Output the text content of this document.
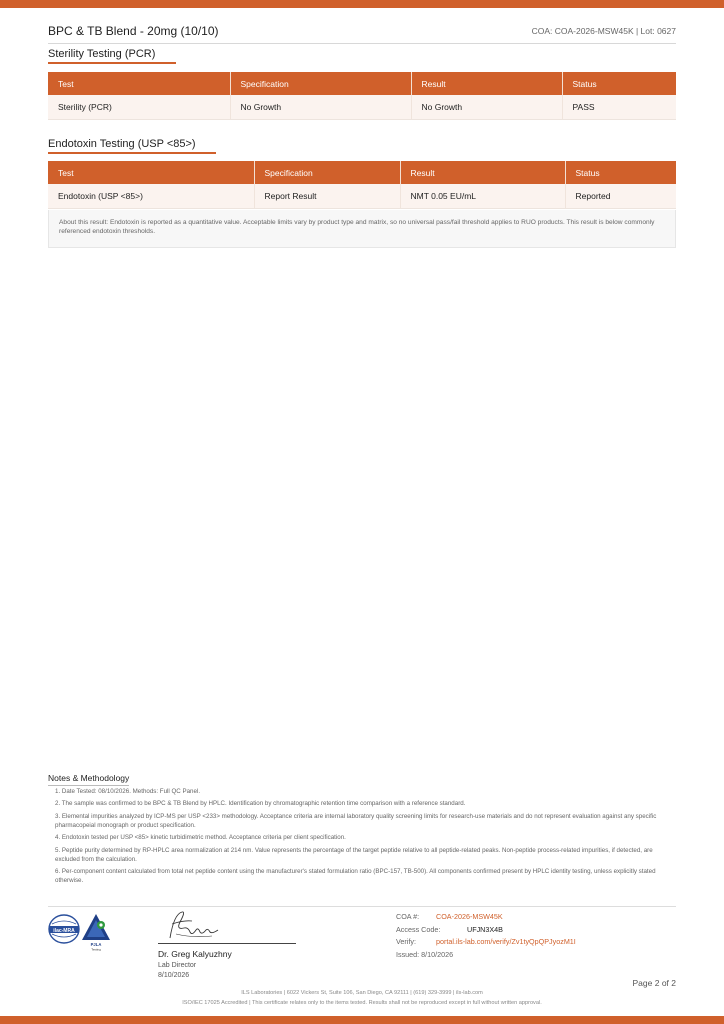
BPC & TB Blend - 20mg (10/10)	COA: COA-2026-MSW45K | Lot: 0627
Sterility Testing (PCR)
Test	Specification	Result	Status
Sterility (PCR)	No Growth	No Growth	PASS
Endotoxin Testing (USP <85>)
Test	Specification	Result	Status
Endotoxin (USP <85>)	Report Result	NMT 0.05 EU/mL	Reported
About this result: Endotoxin is reported as a quantitative value. Acceptable limits vary by product type and matrix, so no universal pass/fail threshold applies to RUO products. This result is below commonly referenced endotoxin thresholds.
Notes & Methodology
1. Date Tested: 08/10/2026. Methods: Full QC Panel.
2. The sample was confirmed to be BPC & TB Blend by HPLC. Identification by chromatographic retention time comparison with a reference standard.
3. Elemental impurities analyzed by ICP-MS per USP <233> methodology. Acceptance criteria are internal laboratory quality screening limits for research-use materials and do not represent evaluation against any specific pharmacopeial monograph or product specification.
4. Endotoxin tested per USP <85> kinetic turbidimetric method. Acceptance criteria per client specification.
5. Peptide purity determined by RP-HPLC area normalization at 214 nm. Value represents the percentage of the target peptide relative to all peptide-related peaks. Non-peptide process-related impurities, if detected, are excluded from the calculation.
6. Per-component content calculated from total net peptide content using the manufacturer's stated formulation ratio (BPC-157, TB-500). All components confirmed present by HPLC identity testing, unless explicitly stated otherwise.
ilac-MRA
PJLA
Testing	Dr. Greg Kalyuzhny
Lab Director
8/10/2026
COA #: COA-2026-MSW45K
Access Code:	UFJN3X4B
Verify:	portal.ils-lab.com/verify/Zv1tyQpQPJyozM1I
Issued: 8/10/2026
Page 2 of 2
ILS Laboratories | 6022 Vickers St, Suite 106, San Diego, CA 92111 | (619) 329-3999 | ils-lab.com
ISO/IEC 17025 Accredited | This certificate relates only to the items tested. Results shall not be reproduced except in full without written approval.
